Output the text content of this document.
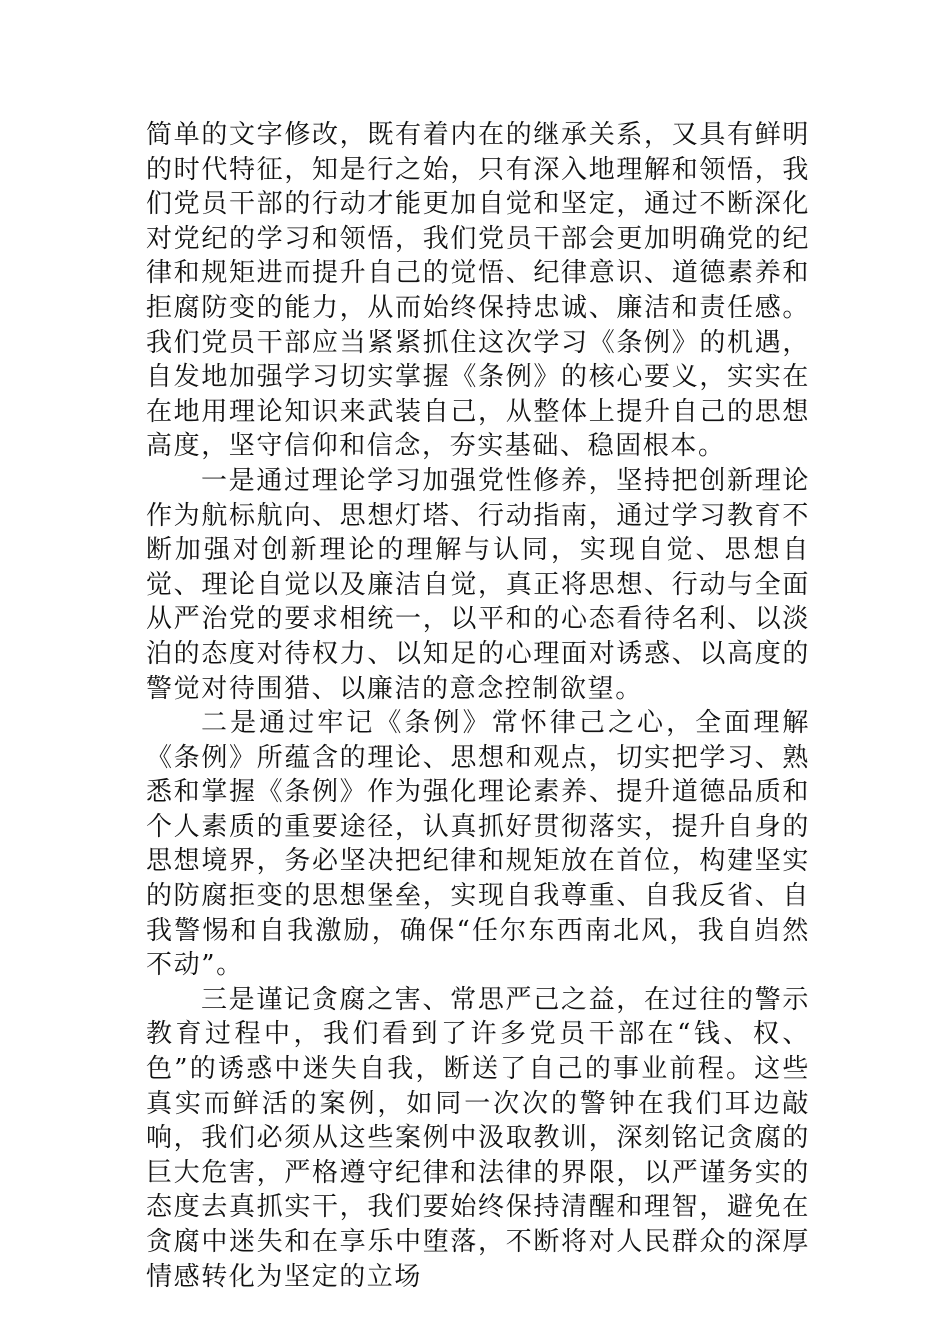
简单的文字修改，既有着内在的继承关系，又具有鲜明的时代特征，知是行之始，只有深入地理解和领悟，我们党员干部的行动才能更加自觉和坚定，通过不断深化对党纪的学习和领悟，我们党员干部会更加明确党的纪律和规矩进而提升自己的觉悟、纪律意识、道德素养和拒腐防变的能力，从而始终保持忠诚、廉洁和责任感。我们党员干部应当紧紧抓住这次学习《条例》的机遇，自发地加强学习切实掌握《条例》的核心要义，实实在在地用理论知识来武装自己，从整体上提升自己的思想高度，坚守信仰和信念，夯实基础、稳固根本。

一是通过理论学习加强党性修养，坚持把创新理论作为航标航向、思想灯塔、行动指南，通过学习教育不断加强对创新理论的理解与认同，实现自觉、思想自觉、理论自觉以及廉洁自觉，真正将思想、行动与全面从严治党的要求相统一，以平和的心态看待名利、以淡泊的态度对待权力、以知足的心理面对诱惑、以高度的警觉对待围猎、以廉洁的意念控制欲望。

二是通过牢记《条例》常怀律己之心，全面理解《条例》所蕴含的理论、思想和观点，切实把学习、熟悉和掌握《条例》作为强化理论素养、提升道德品质和个人素质的重要途径，认真抓好贯彻落实，提升自身的思想境界，务必坚决把纪律和规矩放在首位，构建坚实的防腐拒变的思想堡垒，实现自我尊重、自我反省、自我警惕和自我激励，确保“任尔东西南北风，我自岿然不动”。

三是谨记贪腐之害、常思严己之益，在过往的警示教育过程中，我们看到了许多党员干部在“钱、权、色”的诱惑中迷失自我，断送了自己的事业前程。这些真实而鲜活的案例，如同一次次的警钟在我们耳边敲响，我们必须从这些案例中汲取教训，深刻铭记贪腐的巨大危害，严格遵守纪律和法律的界限，以严谨务实的态度去真抓实干，我们要始终保持清醒和理智，避免在贪腐中迷失和在享乐中堕落，不断将对人民群众的深厚情感转化为坚定的立场
